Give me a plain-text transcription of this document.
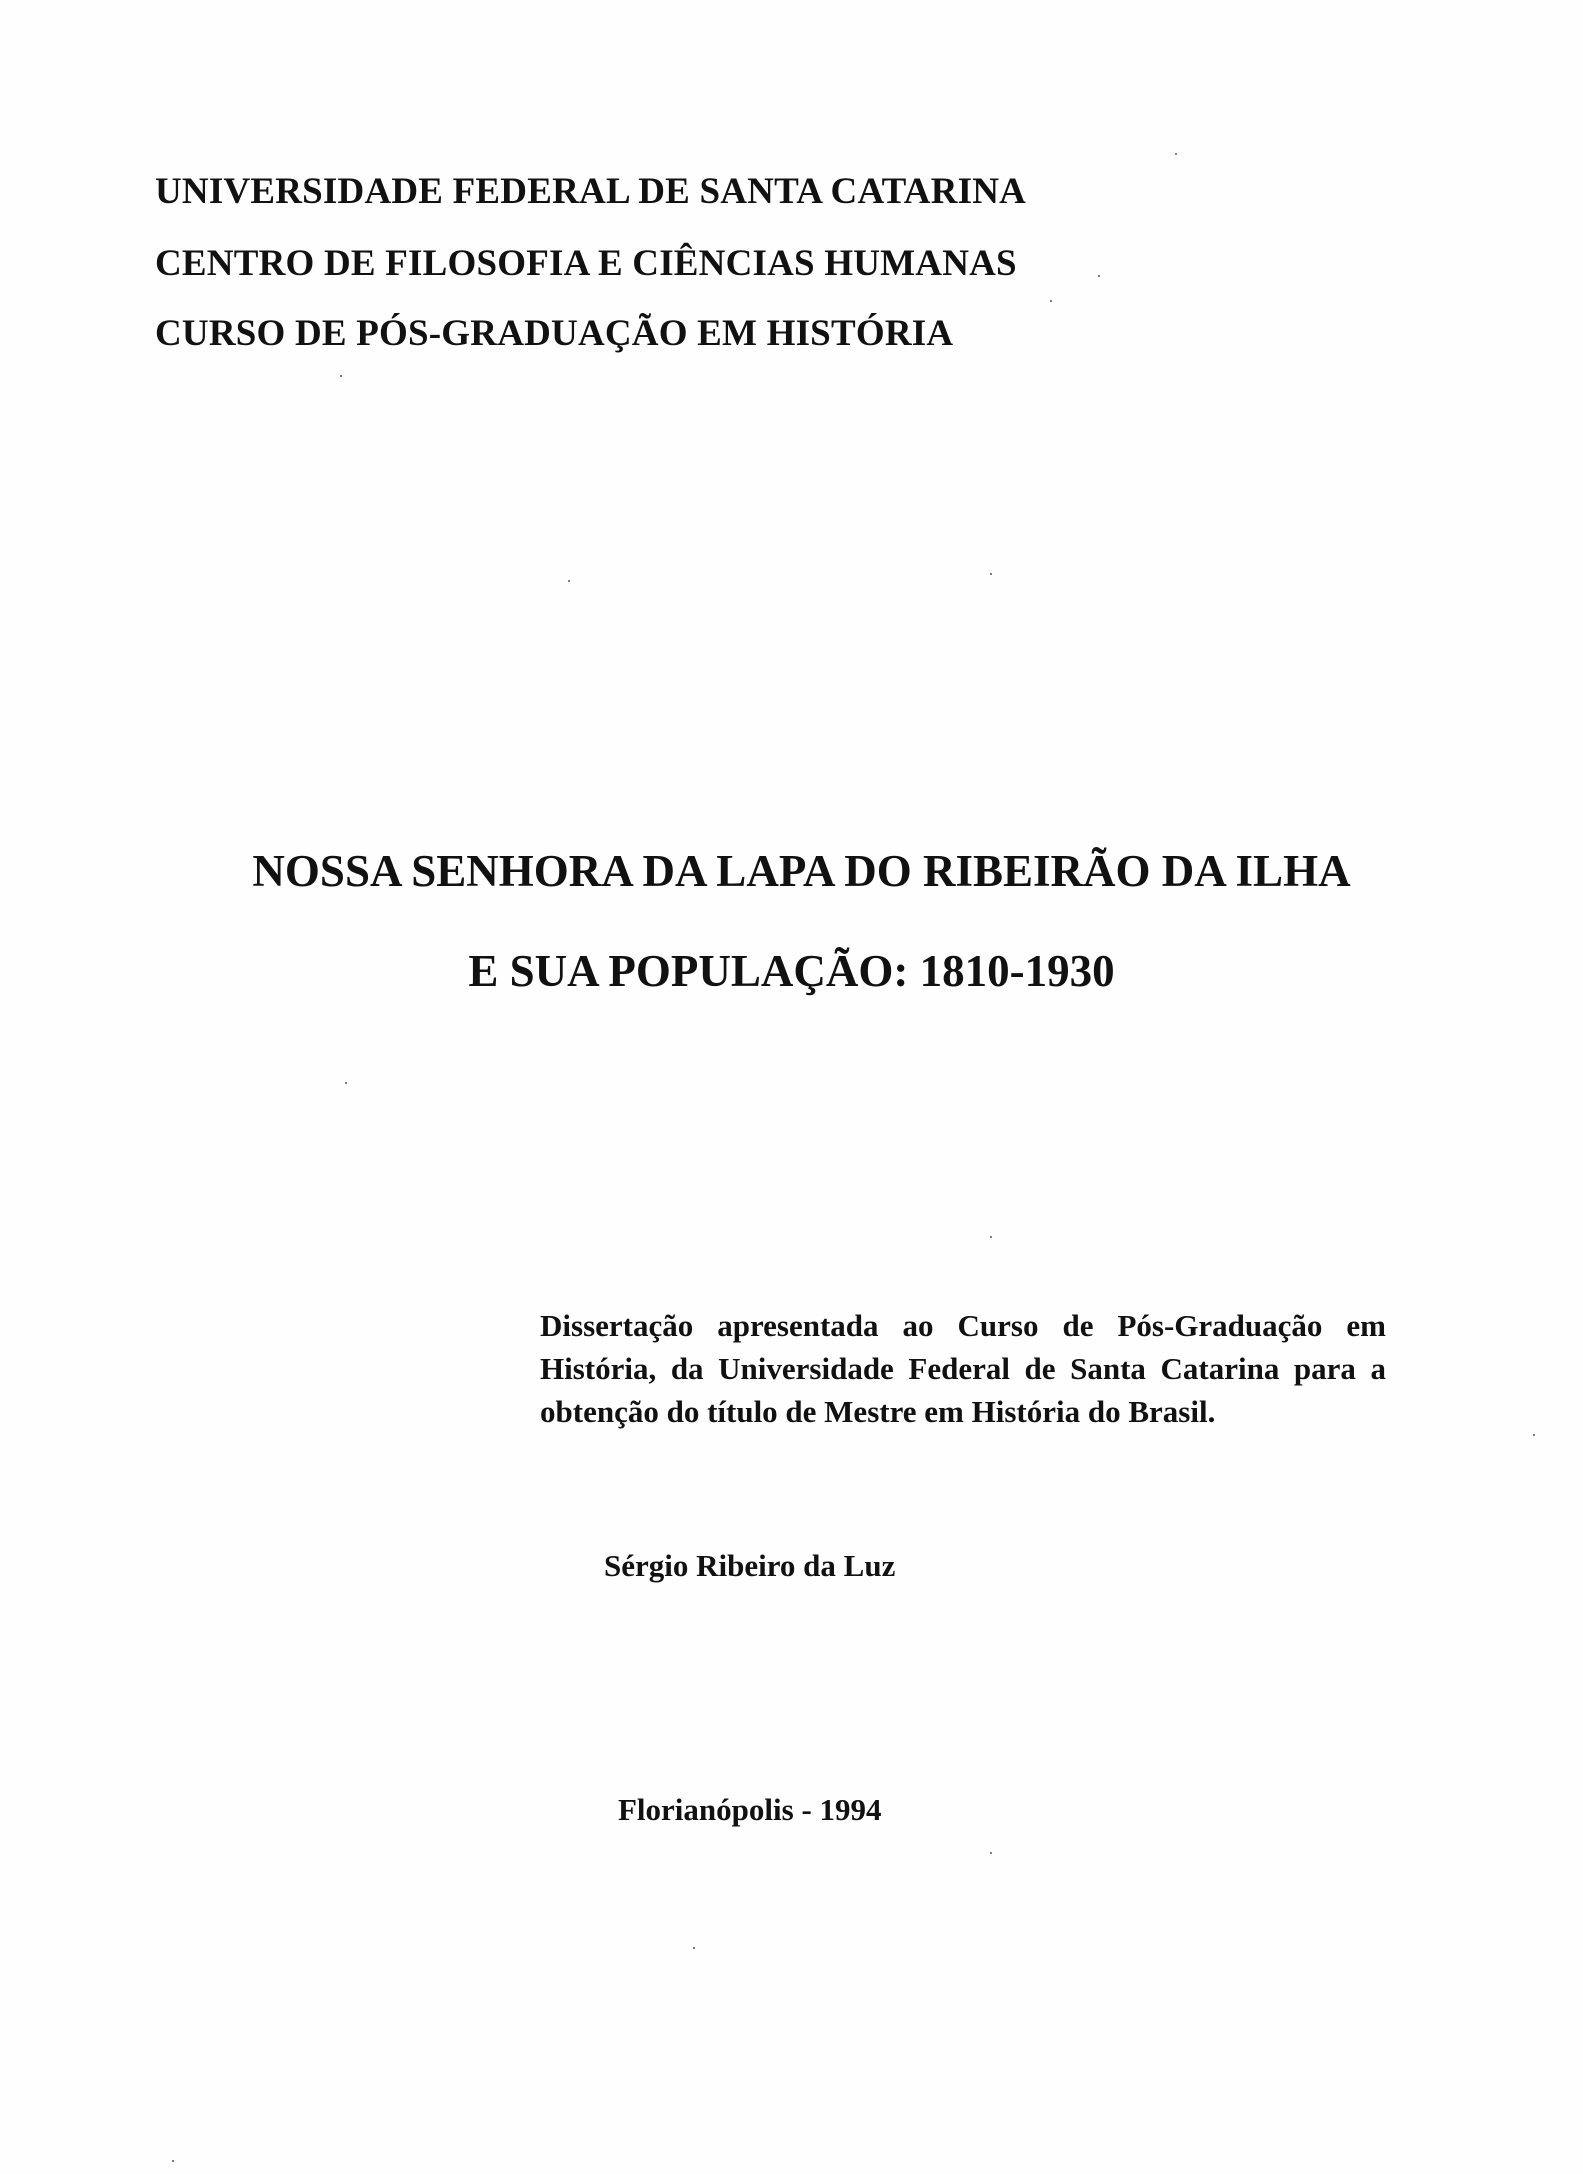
UNIVERSIDADE FEDERAL DE SANTA CATARINA
CENTRO DE FILOSOFIA E CIÊNCIAS HUMANAS
CURSO DE PÓS-GRADUAÇÃO EM HISTÓRIA
NOSSA SENHORA DA LAPA DO RIBEIRÃO DA ILHA
E SUA POPULAÇÃO: 1810-1930
Dissertação apresentada ao Curso de Pós-Graduação em História, da Universidade Federal de Santa Catarina para a obtenção do título de Mestre em História do Brasil.
Sérgio Ribeiro da Luz
Florianópolis - 1994
